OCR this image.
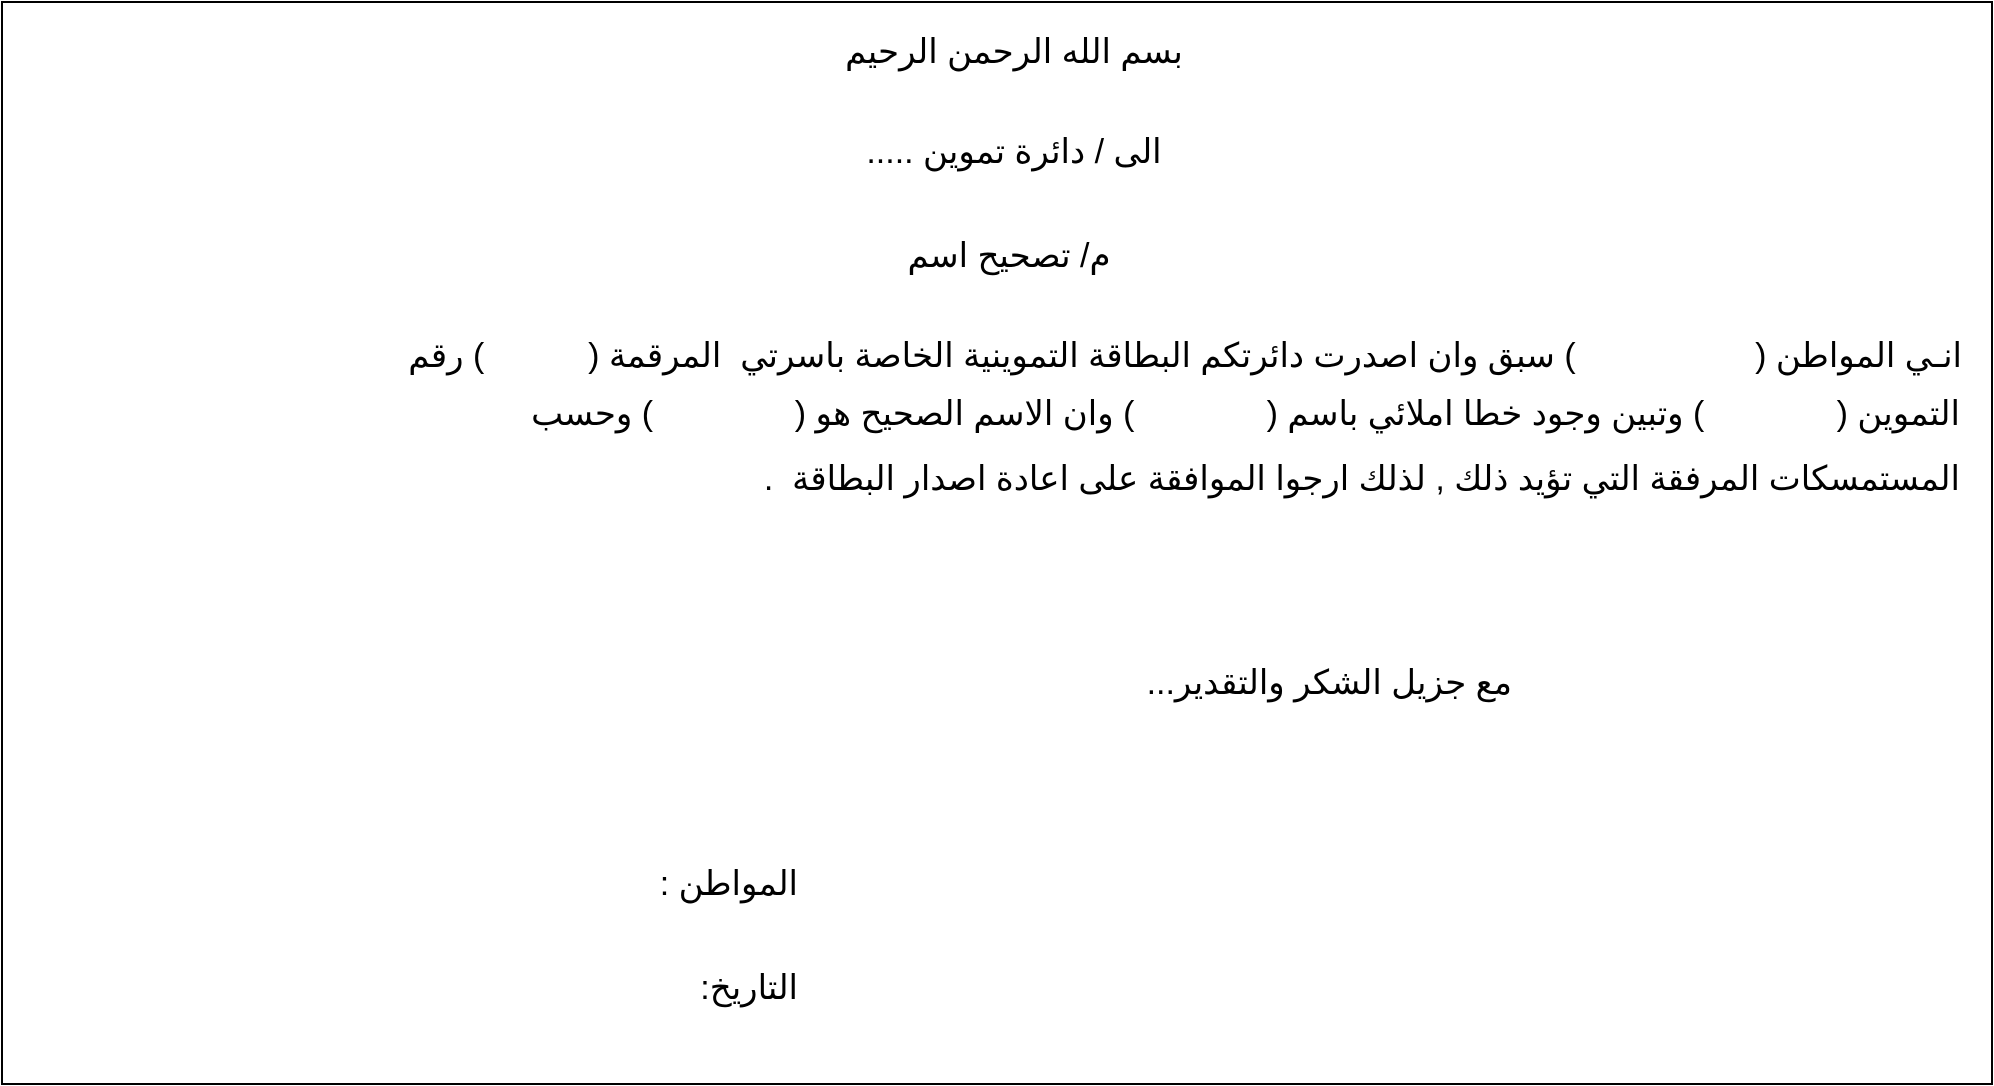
بسم الله الرحمن الرحيم
الى / دائرة تموين .....
م/ تصحيح اسم
انـي المواطن (                   ) سبق وان اصدرت دائرتكم البطاقة التموينية الخاصة باسرتي  المرقمة (           ) رقم
التموين (              ) وتبين وجود خطا املائي باسم (              ) وان الاسم الصحيح هو (               ) وحسب
المستمسكات المرفقة التي تؤيد ذلك , لذلك ارجوا الموافقة على اعادة اصدار البطاقة  .
مع جزيل الشكر والتقدير...
المواطن :
التاريخ:
